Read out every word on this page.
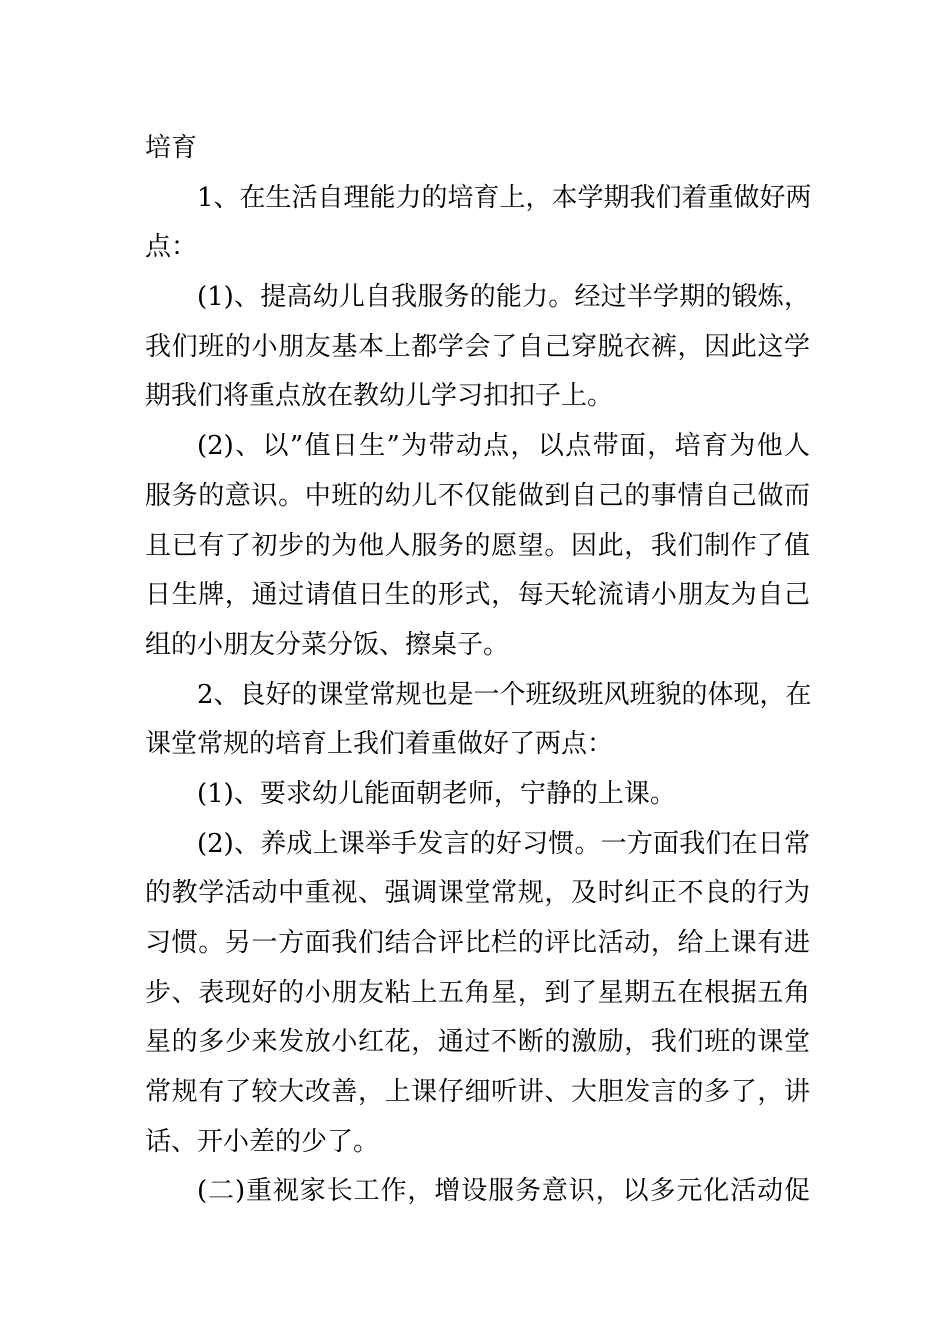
培育
1、在生活自理能力的培育上，本学期我们着重做好两
点：
(1)、提高幼儿自我服务的能力。经过半学期的锻炼，
我们班的小朋友基本上都学会了自己穿脱衣裤，因此这学
期我们将重点放在教幼儿学习扣扣子上。
(2)、以”值日生”为带动点，以点带面，培育为他人
服务的意识。中班的幼儿不仅能做到自己的事情自己做而
且已有了初步的为他人服务的愿望。因此，我们制作了值
日生牌，通过请值日生的形式，每天轮流请小朋友为自己
组的小朋友分菜分饭、擦桌子。
2、良好的课堂常规也是一个班级班风班貌的体现，在
课堂常规的培育上我们着重做好了两点：
(1)、要求幼儿能面朝老师，宁静的上课。
(2)、养成上课举手发言的好习惯。一方面我们在日常
的教学活动中重视、强调课堂常规，及时纠正不良的行为
习惯。另一方面我们结合评比栏的评比活动，给上课有进
步、表现好的小朋友粘上五角星，到了星期五在根据五角
星的多少来发放小红花，通过不断的激励，我们班的课堂
常规有了较大改善，上课仔细听讲、大胆发言的多了，讲
话、开小差的少了。
(二)重视家长工作，增设服务意识，以多元化活动促
